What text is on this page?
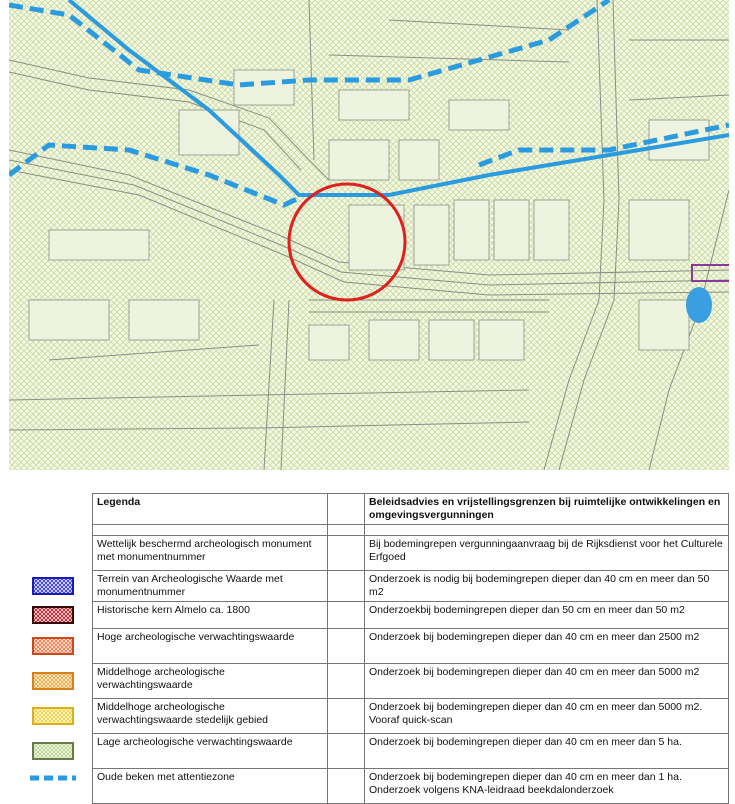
Legenda		Beleidsadvies en vrijstellingsgrenzen bij ruimtelijke ontwikkelingen en omgevingsvergunningen

Wettelijk beschermd archeologisch monument met monumentnummer		Bij bodemingrepen vergunningaanvraag bij de Rijksdienst voor het Culturele Erfgoed
Terrein van Archeologische Waarde met monumentnummer		Onderzoek is nodig bij bodemingrepen dieper dan 40 cm en meer dan 50 m2
Historische kern Almelo ca. 1800		Onderzoekbij bodemingrepen dieper dan 50 cm en meer dan 50 m2
Hoge archeologische verwachtingswaarde		Onderzoek bij bodemingrepen dieper dan 40 cm en meer dan 2500 m2
Middelhoge archeologische verwachtingswaarde		Onderzoek bij bodemingrepen dieper dan 40 cm en meer dan 5000 m2
Middelhoge archeologische verwachtingswaarde stedelijk gebied		Onderzoek bij bodemingrepen dieper dan 40 cm en meer dan 5000 m2. Vooraf quick-scan
Lage archeologische verwachtingswaarde		Onderzoek bij bodemingrepen dieper dan 40 cm en meer dan 5 ha.
Oude beken met attentiezone		Onderzoek bij bodemingrepen dieper dan 40 cm en meer dan 1 ha. Onderzoek volgens KNA-leidraad beekdalonderzoek
